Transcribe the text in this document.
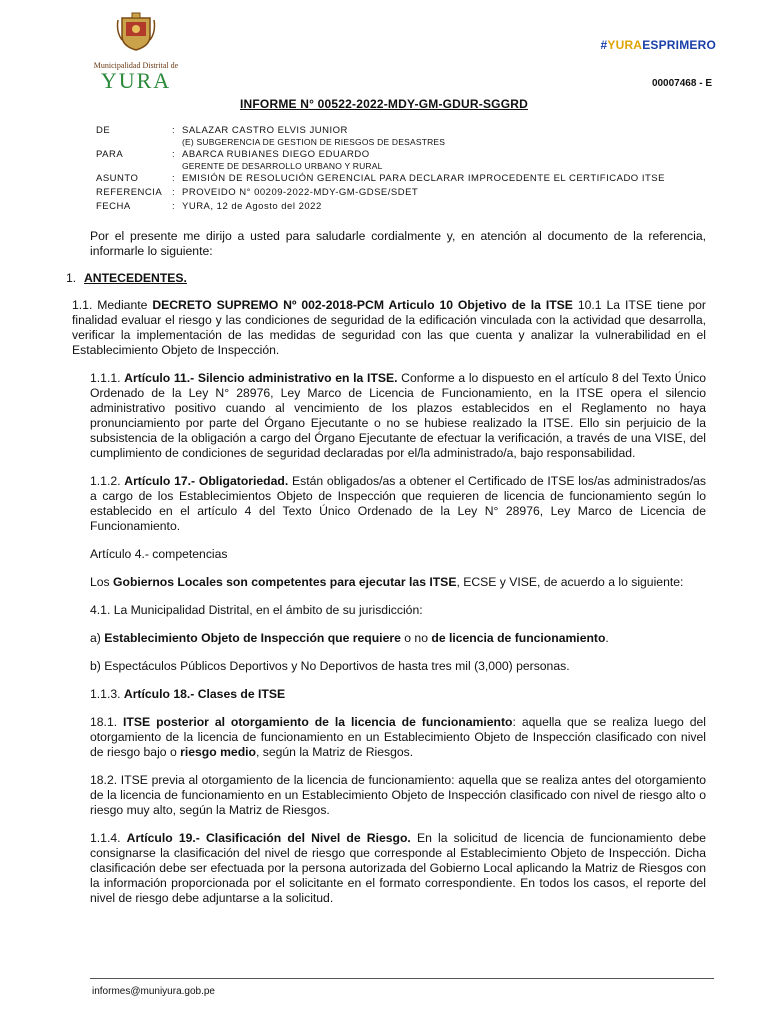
Municipalidad Distrital de
YURA
#YURAESPRIMERO
00007468 - E
INFORME N° 00522-2022-MDY-GM-GDUR-SGGRD
DE	: SALAZAR CASTRO ELVIS JUNIOR
(E) SUBGERENCIA DE GESTION DE RIESGOS DE DESASTRES
PARA	: ABARCA RUBIANES DIEGO EDUARDO
GERENTE DE DESARROLLO URBANO Y RURAL
ASUNTO	: EMISIÓN DE RESOLUCIÓN GERENCIAL PARA DECLARAR IMPROCEDENTE EL CERTIFICADO ITSE
REFERENCIA	: PROVEIDO N° 00209-2022-MDY-GM-GDSE/SDET
FECHA	: YURA, 12 de Agosto del 2022

Por el presente me dirijo a usted para saludarle cordialmente y, en atención al documento de la referencia, informarle lo siguiente:

1. ANTECEDENTES.

1.1. Mediante DECRETO SUPREMO Nº 002-2018-PCM Articulo 10 Objetivo de la ITSE 10.1 La ITSE tiene por finalidad evaluar el riesgo y las condiciones de seguridad de la edificación vinculada con la actividad que desarrolla, verificar la implementación de las medidas de seguridad con las que cuenta y analizar la vulnerabilidad en el Establecimiento Objeto de Inspección.

1.1.1. Artículo 11.- Silencio administrativo en la ITSE. Conforme a lo dispuesto en el artículo 8 del Texto Único Ordenado de la Ley N° 28976, Ley Marco de Licencia de Funcionamiento, en la ITSE opera el silencio administrativo positivo cuando al vencimiento de los plazos establecidos en el Reglamento no haya pronunciamiento por parte del Órgano Ejecutante o no se hubiese realizado la ITSE. Ello sin perjuicio de la subsistencia de la obligación a cargo del Órgano Ejecutante de efectuar la verificación, a través de una VISE, del cumplimiento de condiciones de seguridad declaradas por el/la administrado/a, bajo responsabilidad.

1.1.2. Artículo 17.- Obligatoriedad. Están obligados/as a obtener el Certificado de ITSE los/as administrados/as a cargo de los Establecimientos Objeto de Inspección que requieren de licencia de funcionamiento según lo establecido en el artículo 4 del Texto Único Ordenado de la Ley N° 28976, Ley Marco de Licencia de Funcionamiento.

Artículo 4.- competencias

Los Gobiernos Locales son competentes para ejecutar las ITSE, ECSE y VISE, de acuerdo a lo siguiente:

4.1. La Municipalidad Distrital, en el ámbito de su jurisdicción:

a) Establecimiento Objeto de Inspección que requiere o no de licencia de funcionamiento.

b) Espectáculos Públicos Deportivos y No Deportivos de hasta tres mil (3,000) personas.

1.1.3. Artículo 18.- Clases de ITSE

18.1. ITSE posterior al otorgamiento de la licencia de funcionamiento: aquella que se realiza luego del otorgamiento de la licencia de funcionamiento en un Establecimiento Objeto de Inspección clasificado con nivel de riesgo bajo o riesgo medio, según la Matriz de Riesgos.

18.2. ITSE previa al otorgamiento de la licencia de funcionamiento: aquella que se realiza antes del otorgamiento de la licencia de funcionamiento en un Establecimiento Objeto de Inspección clasificado con nivel de riesgo alto o riesgo muy alto, según la Matriz de Riesgos.

1.1.4. Artículo 19.- Clasificación del Nivel de Riesgo. En la solicitud de licencia de funcionamiento debe consignarse la clasificación del nivel de riesgo que corresponde al Establecimiento Objeto de Inspección. Dicha clasificación debe ser efectuada por la persona autorizada del Gobierno Local aplicando la Matriz de Riesgos con la información proporcionada por el solicitante en el formato correspondiente. En todos los casos, el reporte del nivel de riesgo debe adjuntarse a la solicitud.

informes@muniyura.gob.pe
